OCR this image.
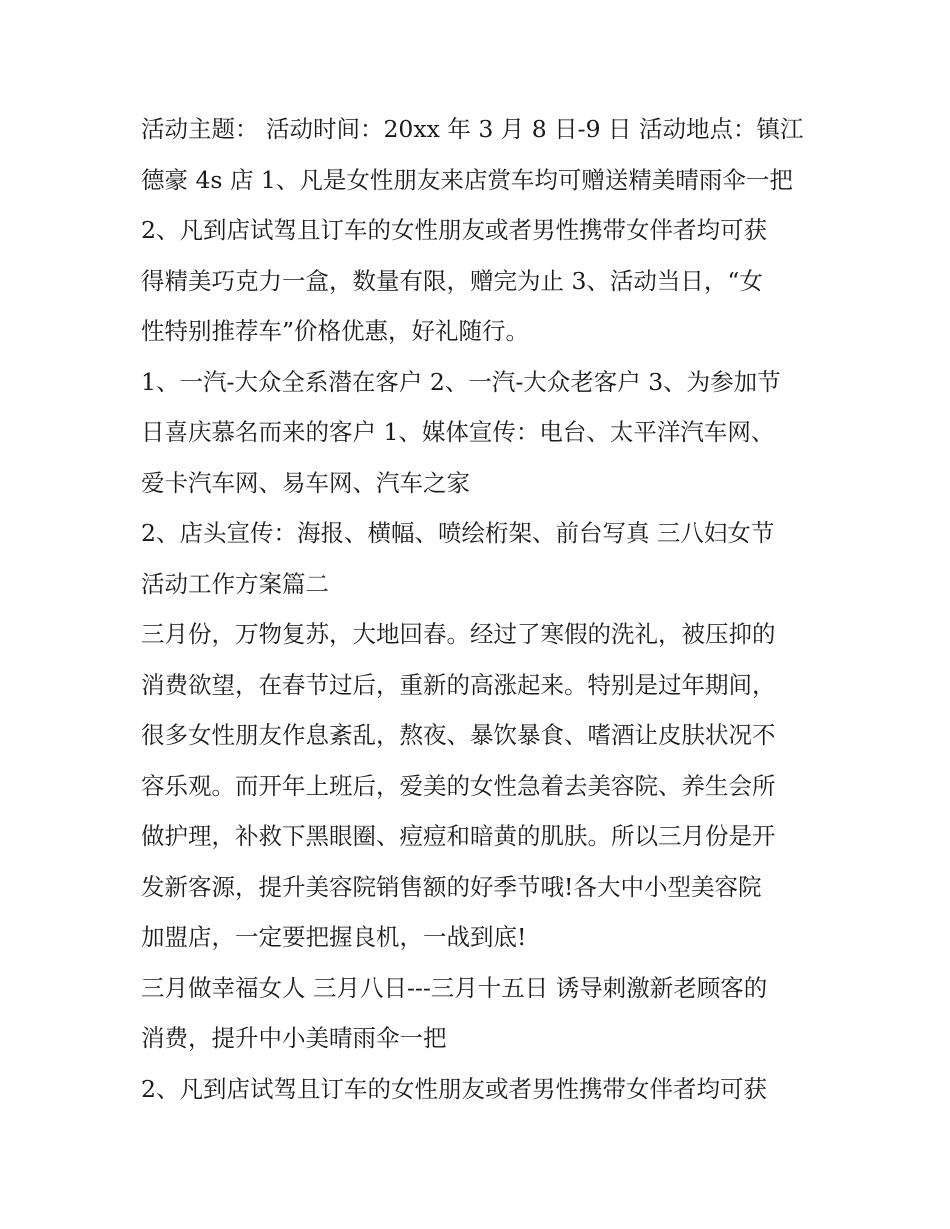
活动主题： 活动时间：20xx 年 3 月 8 日-9 日 活动地点：镇江
德豪 4s 店 1、凡是女性朋友来店赏车均可赠送精美晴雨伞一把
2、凡到店试驾且订车的女性朋友或者男性携带女伴者均可获
得精美巧克力一盒，数量有限，赠完为止 3、活动当日，“女
性特别推荐车”价格优惠，好礼随行。
1、一汽-大众全系潜在客户 2、一汽-大众老客户 3、为参加节
日喜庆慕名而来的客户 1、媒体宣传：电台、太平洋汽车网、
爱卡汽车网、易车网、汽车之家
2、店头宣传：海报、横幅、喷绘桁架、前台写真 三八妇女节
活动工作方案篇二
三月份，万物复苏，大地回春。经过了寒假的洗礼，被压抑的
消费欲望，在春节过后，重新的高涨起来。特别是过年期间，
很多女性朋友作息紊乱，熬夜、暴饮暴食、嗜酒让皮肤状况不
容乐观。而开年上班后，爱美的女性急着去美容院、养生会所
做护理，补救下黑眼圈、痘痘和暗黄的肌肤。所以三月份是开
发新客源，提升美容院销售额的好季节哦!各大中小型美容院
加盟店，一定要把握良机，一战到底!
三月做幸福女人 三月八日---三月十五日 诱导刺激新老顾客的
消费，提升中小美晴雨伞一把
2、凡到店试驾且订车的女性朋友或者男性携带女伴者均可获
